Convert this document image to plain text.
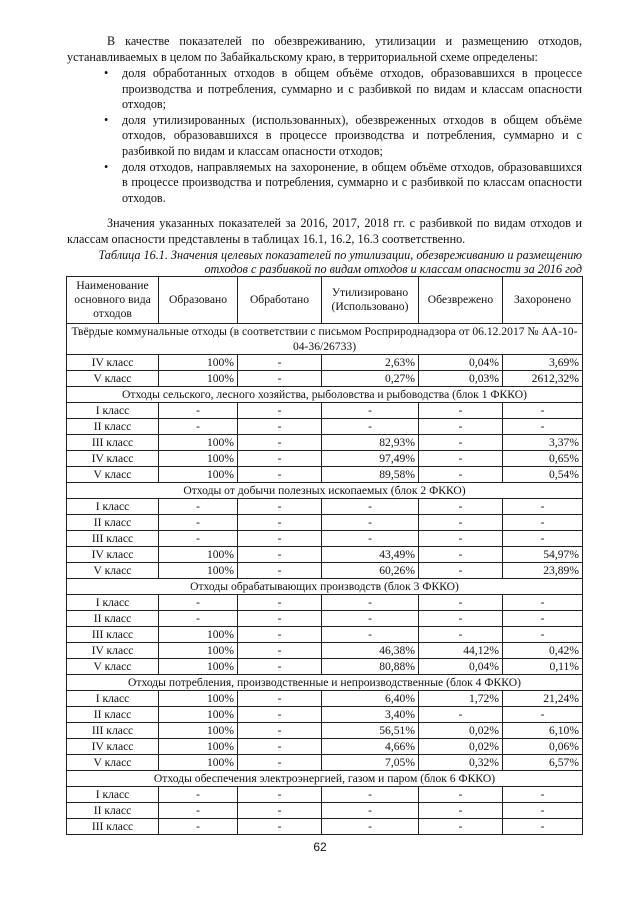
В качестве показателей по обезвреживанию, утилизации и размещению отходов, устанавливаемых в целом по Забайкальскому краю, в территориальной схеме определены:
• доля обработанных отходов в общем объёме отходов, образовавшихся в процессе производства и потребления, суммарно и с разбивкой по видам и классам опасности отходов;
• доля утилизированных (использованных), обезвреженных отходов в общем объёме отходов, образовавшихся в процессе производства и потребления, суммарно и с разбивкой по видам и классам опасности отходов;
• доля отходов, направляемых на захоронение, в общем объёме отходов, образовавшихся в процессе производства и потребления, суммарно и с разбивкой по классам опасности отходов.
Значения указанных показателей за 2016, 2017, 2018 гг. с разбивкой по видам отходов и классам опасности представлены в таблицах 16.1, 16.2, 16.3 соответственно.
Таблица 16.1. Значения целевых показателей по утилизации, обезвреживанию и размещению отходов с разбивкой по видам отходов и классам опасности за 2016 год
Наименование основного вида отходов	Образовано	Обработано	Утилизировано (Использовано)	Обезврежено	Захоронено
Твёрдые коммунальные отходы (в соответствии с письмом Росприроднадзора от 06.12.2017 № АА-10-04-36/26733)					
IV класс	100%	-	2,63%	0,04%	3,69%
V класс	100%	-	0,27%	0,03%	2612,32%
Отходы сельского, лесного хозяйства, рыболовства и рыбоводства (блок 1 ФККО)					
I класс	-	-	-	-	-
II класс	-	-	-	-	-
III класс	100%	-	82,93%	-	3,37%
IV класс	100%	-	97,49%	-	0,65%
V класс	100%	-	89,58%	-	0,54%
Отходы от добычи полезных ископаемых (блок 2 ФККО)					
I класс	-	-	-	-	-
II класс	-	-	-	-	-
III класс	-	-	-	-	-
IV класс	100%	-	43,49%	-	54,97%
V класс	100%	-	60,26%	-	23,89%
Отходы обрабатывающих производств (блок 3 ФККО)					
I класс	-	-	-	-	-
II класс	-	-	-	-	-
III класс	100%	-	-	-	-
IV класс	100%	-	46,38%	44,12%	0,42%
V класс	100%	-	80,88%	0,04%	0,11%
Отходы потребления, производственные и непроизводственные (блок 4 ФККО)					
I класс	100%	-	6,40%	1,72%	21,24%
II класс	100%	-	3,40%	-	-
III класс	100%	-	56,51%	0,02%	6,10%
IV класс	100%	-	4,66%	0,02%	0,06%
V класс	100%	-	7,05%	0,32%	6,57%
Отходы обеспечения электроэнергией, газом и паром (блок 6 ФККО)					
I класс	-	-	-	-	-
II класс	-	-	-	-	-
III класс	-	-	-	-	-
62
